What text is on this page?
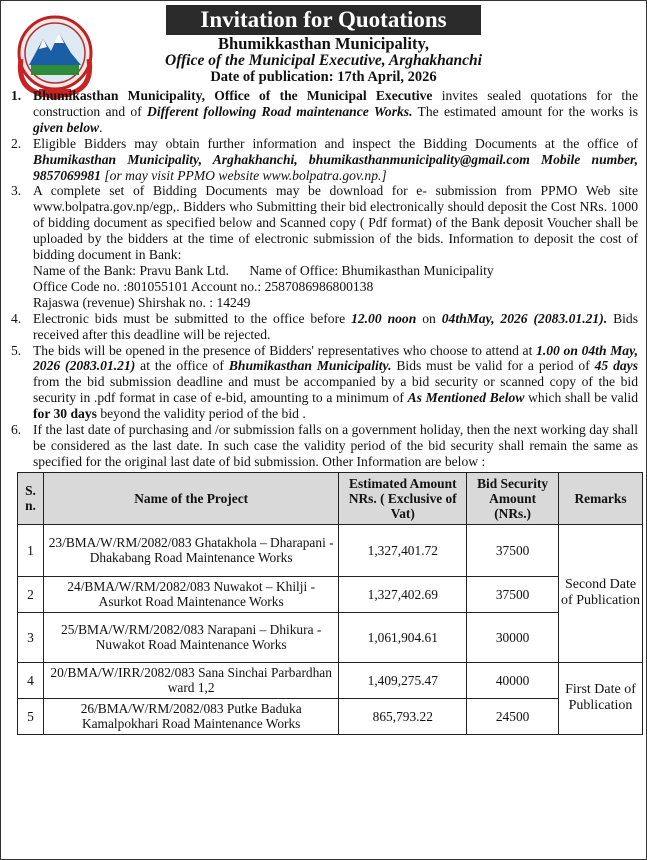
Invitation for Quotations
Bhumikkasthan Municipality,
Office of the Municipal Executive, Arghakhanchi
Date of publication: 17th April, 2026
1. Bhumikasthan Municipality, Office of the Municipal Executive invites sealed quotations for the construction and of Different following Road maintenance Works. The estimated amount for the works is given below.
2. Eligible Bidders may obtain further information and inspect the Bidding Documents at the office of Bhumikasthan Municipality, Arghakhanchi, bhumikasthanmunicipality@gmail.com Mobile number, 9857069981 [or may visit PPMO website www.bolpatra.gov.np.]
3. A complete set of Bidding Documents may be download for e- submission from PPMO Web site www.bolpatra.gov.np/egp,. Bidders who Submitting their bid electronically should deposit the Cost NRs. 1000 of bidding document as specified below and Scanned copy ( Pdf format) of the Bank deposit Voucher shall be uploaded by the bidders at the time of electronic submission of the bids. Information to deposit the cost of bidding document in Bank:
Name of the Bank: Pravu Bank Ltd.      Name of Office: Bhumikasthan Municipality
Office Code no. :801055101 Account no.: 2587086986800138
Rajaswa (revenue) Shirshak no. : 14249
4. Electronic bids must be submitted to the office before 12.00 noon on 04thMay, 2026 (2083.01.21). Bids received after this deadline will be rejected.
5. The bids will be opened in the presence of Bidders' representatives who choose to attend at 1.00 on 04th May, 2026 (2083.01.21) at the office of Bhumikasthan Municipality. Bids must be valid for a period of 45 days from the bid submission deadline and must be accompanied by a bid security or scanned copy of the bid security in .pdf format in case of e-bid, amounting to a minimum of As Mentioned Below which shall be valid for 30 days beyond the validity period of the bid .
6. If the last date of purchasing and /or submission falls on a government holiday, then the next working day shall be considered as the last date. In such case the validity period of the bid security shall remain the same as specified for the original last date of bid submission. Other Information are below :
S. n.	Name of the Project	Estimated Amount NRs. ( Exclusive of Vat)	Bid Security Amount (NRs.)	Remarks
1	23/BMA/W/RM/2082/083 Ghatakhola – Dharapani - Dhakabang Road Maintenance Works	1,327,401.72	37500	Second Date of Publication
2	24/BMA/W/RM/2082/083 Nuwakot – Khilji - Asurkot Road Maintenance Works	1,327,402.69	37500	
3	25/BMA/W/RM/2082/083 Narapani – Dhikura - Nuwakot Road Maintenance Works	1,061,904.61	30000	
4	20/BMA/W/IRR/2082/083 Sana Sinchai Parbardhan ward 1,2	1,409,275.47	40000	First Date of Publication
5	26/BMA/W/RM/2082/083 Putke Baduka Kamalpokhari Road Maintenance Works	865,793.22	24500	
